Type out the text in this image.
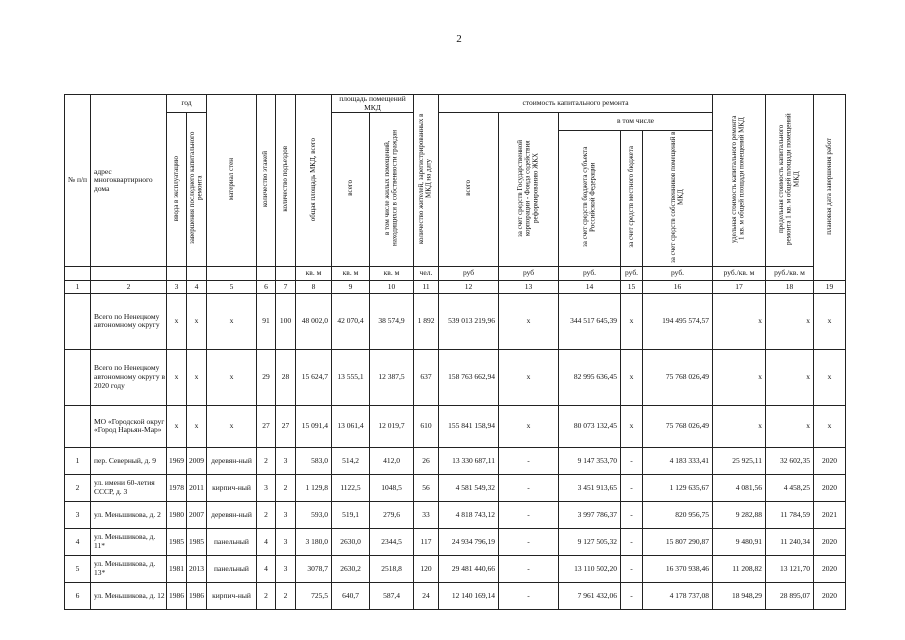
2
№ п/п	адрес многоквартирного дома	год		материал стен	количество этажей	количество подъездов	общая площадь МКД, всего	площадь помещений МКД		количество жителей, зарегистрированных в МКД на дату	стоимость капитального ремонта					удельная стоимость капитального ремонта 1 кв. м общей площади помещений МКД	предельная стоимость капитального ремонта 1 кв. м общей площади помещений МКД	плановая дата завершения работ
		ввода в эксплуатацию	завершения последнего капитального ремонта					всего	в том числе жилых помещений, находящихся в собственности граждан		всего	за счет средств Государственной корпорации - Фонда содействия реформированию ЖКХ	в том числе					
													за счет средств бюджета субъекта Российской Федерации	за счет средств местного бюджета	за счет средств собственников помещений в МКД			
							кв. м	кв. м	кв. м	чел.	руб	руб	руб.	руб.	руб.	руб./кв. м	руб./кв. м	
1	2	3	4	5	6	7	8	9	10	11	12	13	14	15	16	17	18	19
	Всего по Ненецкому автономному округу	x	x	x	91	100	48 002,0	42 070,4	38 574,9	1 892	539 013 219,96	x	344 517 645,39	x	194 495 574,57	x	x	x
	Всего по Ненецкому автономному округу в 2020 году	x	x	x	29	28	15 624,7	13 555,1	12 387,5	637	158 763 662,94	x	82 995 636,45	x	75 768 026,49	x	x	x
	МО «Городской округ «Город Нарьян-Мар»	x	x	x	27	27	15 091,4	13 061,4	12 019,7	610	155 841 158,94	x	80 073 132,45	x	75 768 026,49	x	x	x
1	пер. Северный, д. 9	1969	2009	деревян-ный	2	3	583,0	514,2	412,0	26	13 330 687,11	-	9 147 353,70	-	4 183 333,41	25 925,11	32 602,35	2020
2	ул. имени 60-летия СССР, д. 3	1978	2011	кирпич-ный	3	2	1 129,8	1122,5	1048,5	56	4 581 549,32	-	3 451 913,65	-	1 129 635,67	4 081,56	4 458,25	2020
3	ул. Меньшикова, д. 2	1980	2007	деревян-ный	2	3	593,0	519,1	279,6	33	4 818 743,12	-	3 997 786,37	-	820 956,75	9 282,88	11 784,59	2021
4	ул. Меньшикова, д. 11*	1985	1985	панельный	4	3	3 180,0	2630,0	2344,5	117	24 934 796,19	-	9 127 505,32	-	15 807 290,87	9 480,91	11 240,34	2020
5	ул. Меньшикова, д. 13*	1981	2013	панельный	4	3	3078,7	2630,2	2518,8	120	29 481 440,66	-	13 110 502,20	-	16 370 938,46	11 208,82	13 121,70	2020
6	ул. Меньшикова, д. 12	1986	1986	кирпич-ный	2	2	725,5	640,7	587,4	24	12 140 169,14	-	7 961 432,06	-	4 178 737,08	18 948,29	28 895,07	2020
